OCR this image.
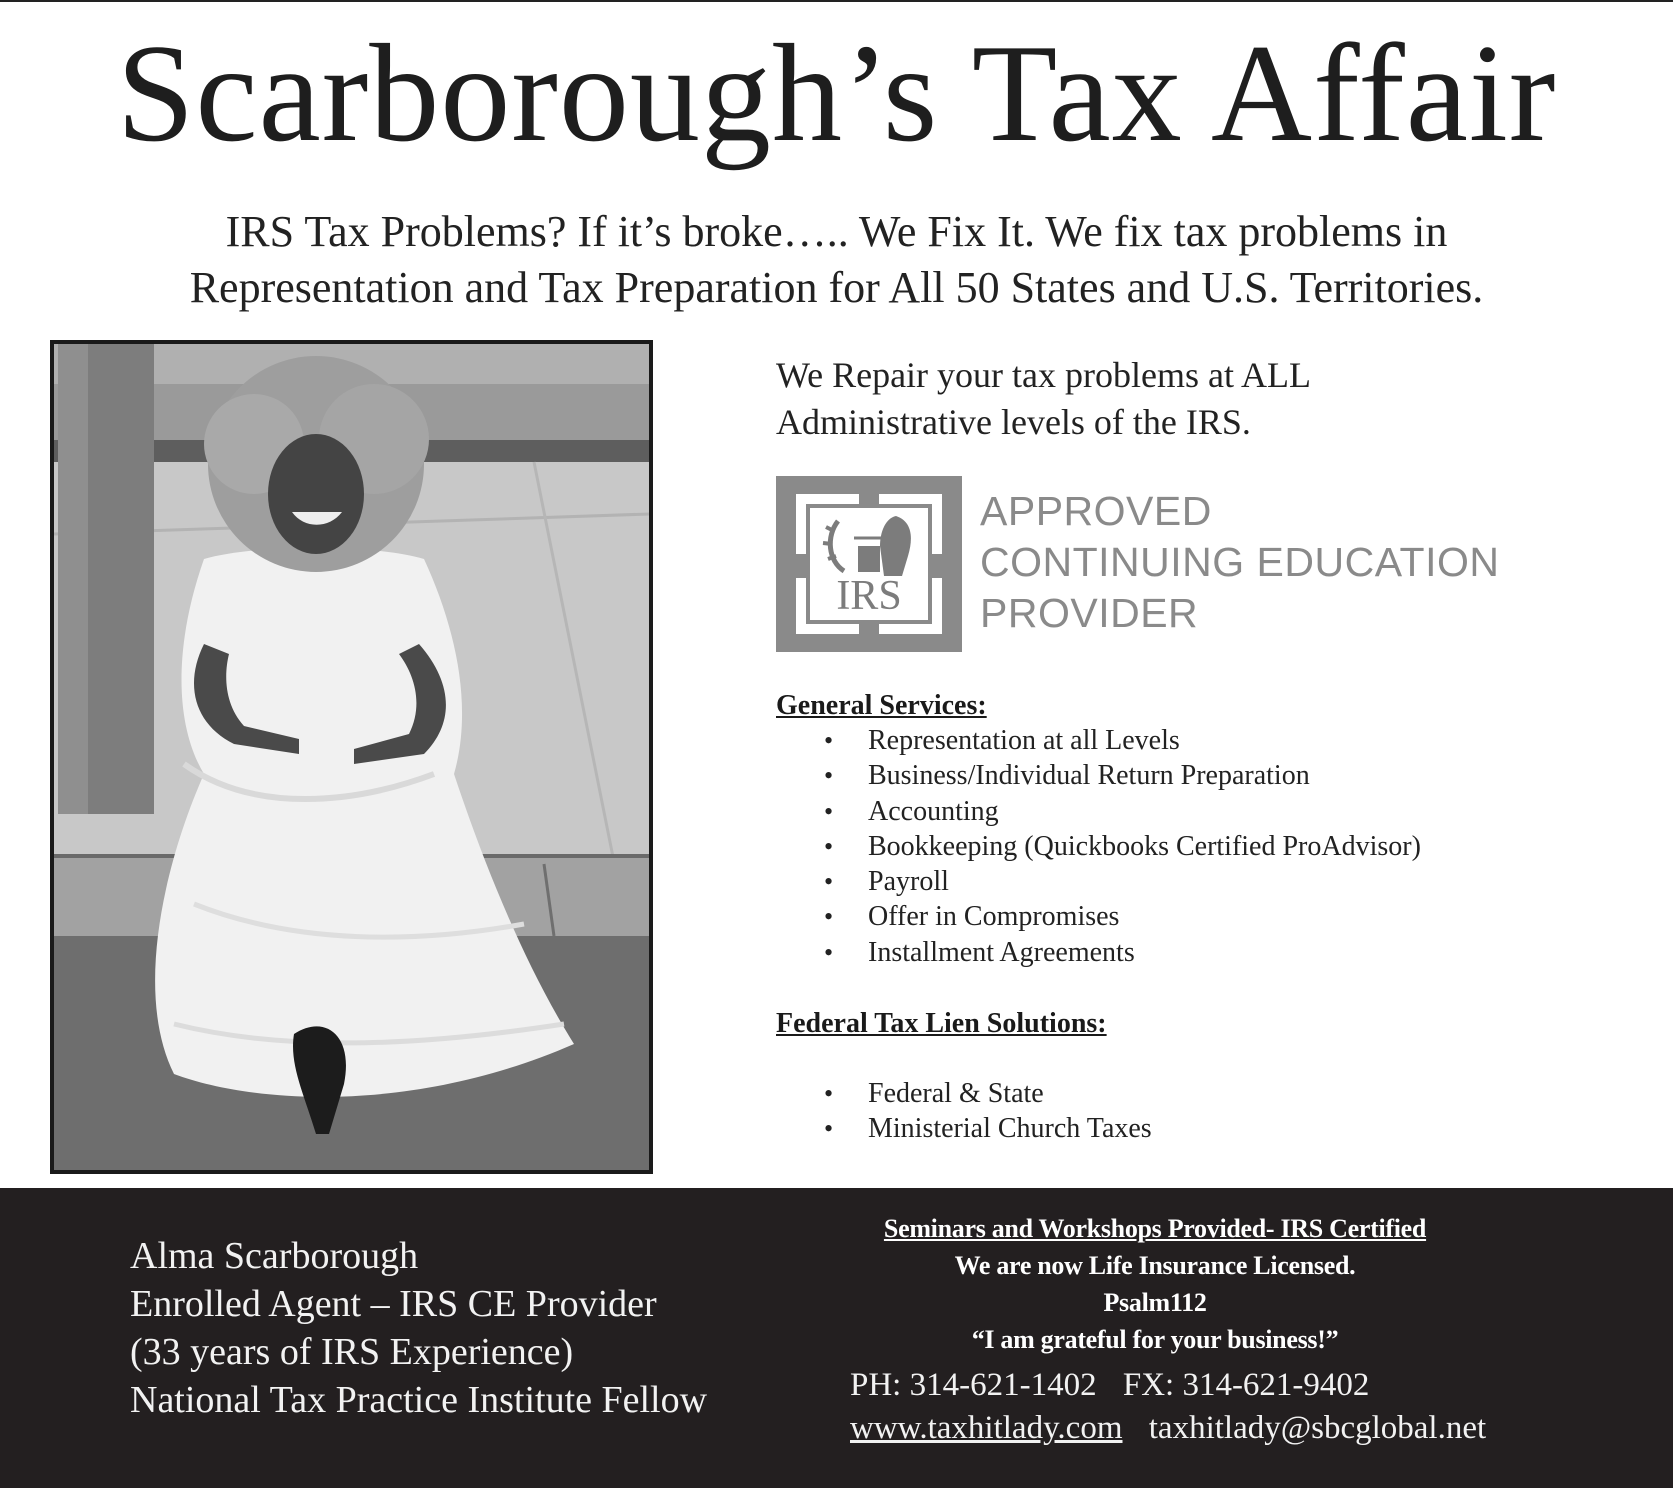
Scarborough’s Tax Affair
IRS Tax Problems? If it’s broke….. We Fix It. We fix tax problems in
Representation and Tax Preparation for All 50 States and U.S. Territories.

We Repair your tax problems at ALL

Administrative levels of the IRS.

IRS
APPROVED
CONTINUING EDUCATION
PROVIDER
General Services:
• Representation at all Levels
• Business/Individual Return Preparation
• Accounting
• Bookkeeping (Quickbooks Certified ProAdvisor)
• Payroll
• Offer in Compromises
• Installment Agreements
Federal Tax Lien Solutions:
• Federal & State
• Ministerial Church Taxes
Alma Scarborough
Enrolled Agent – IRS CE Provider
(33 years of IRS Experience)
National Tax Practice Institute Fellow
Seminars and Workshops Provided- IRS Certified
We are now Life Insurance Licensed.
Psalm112
“I am grateful for your business!”
PH: 314-621-1402 FX: 314-621-9402
www.taxhitlady.com taxhitlady@sbcglobal.net
